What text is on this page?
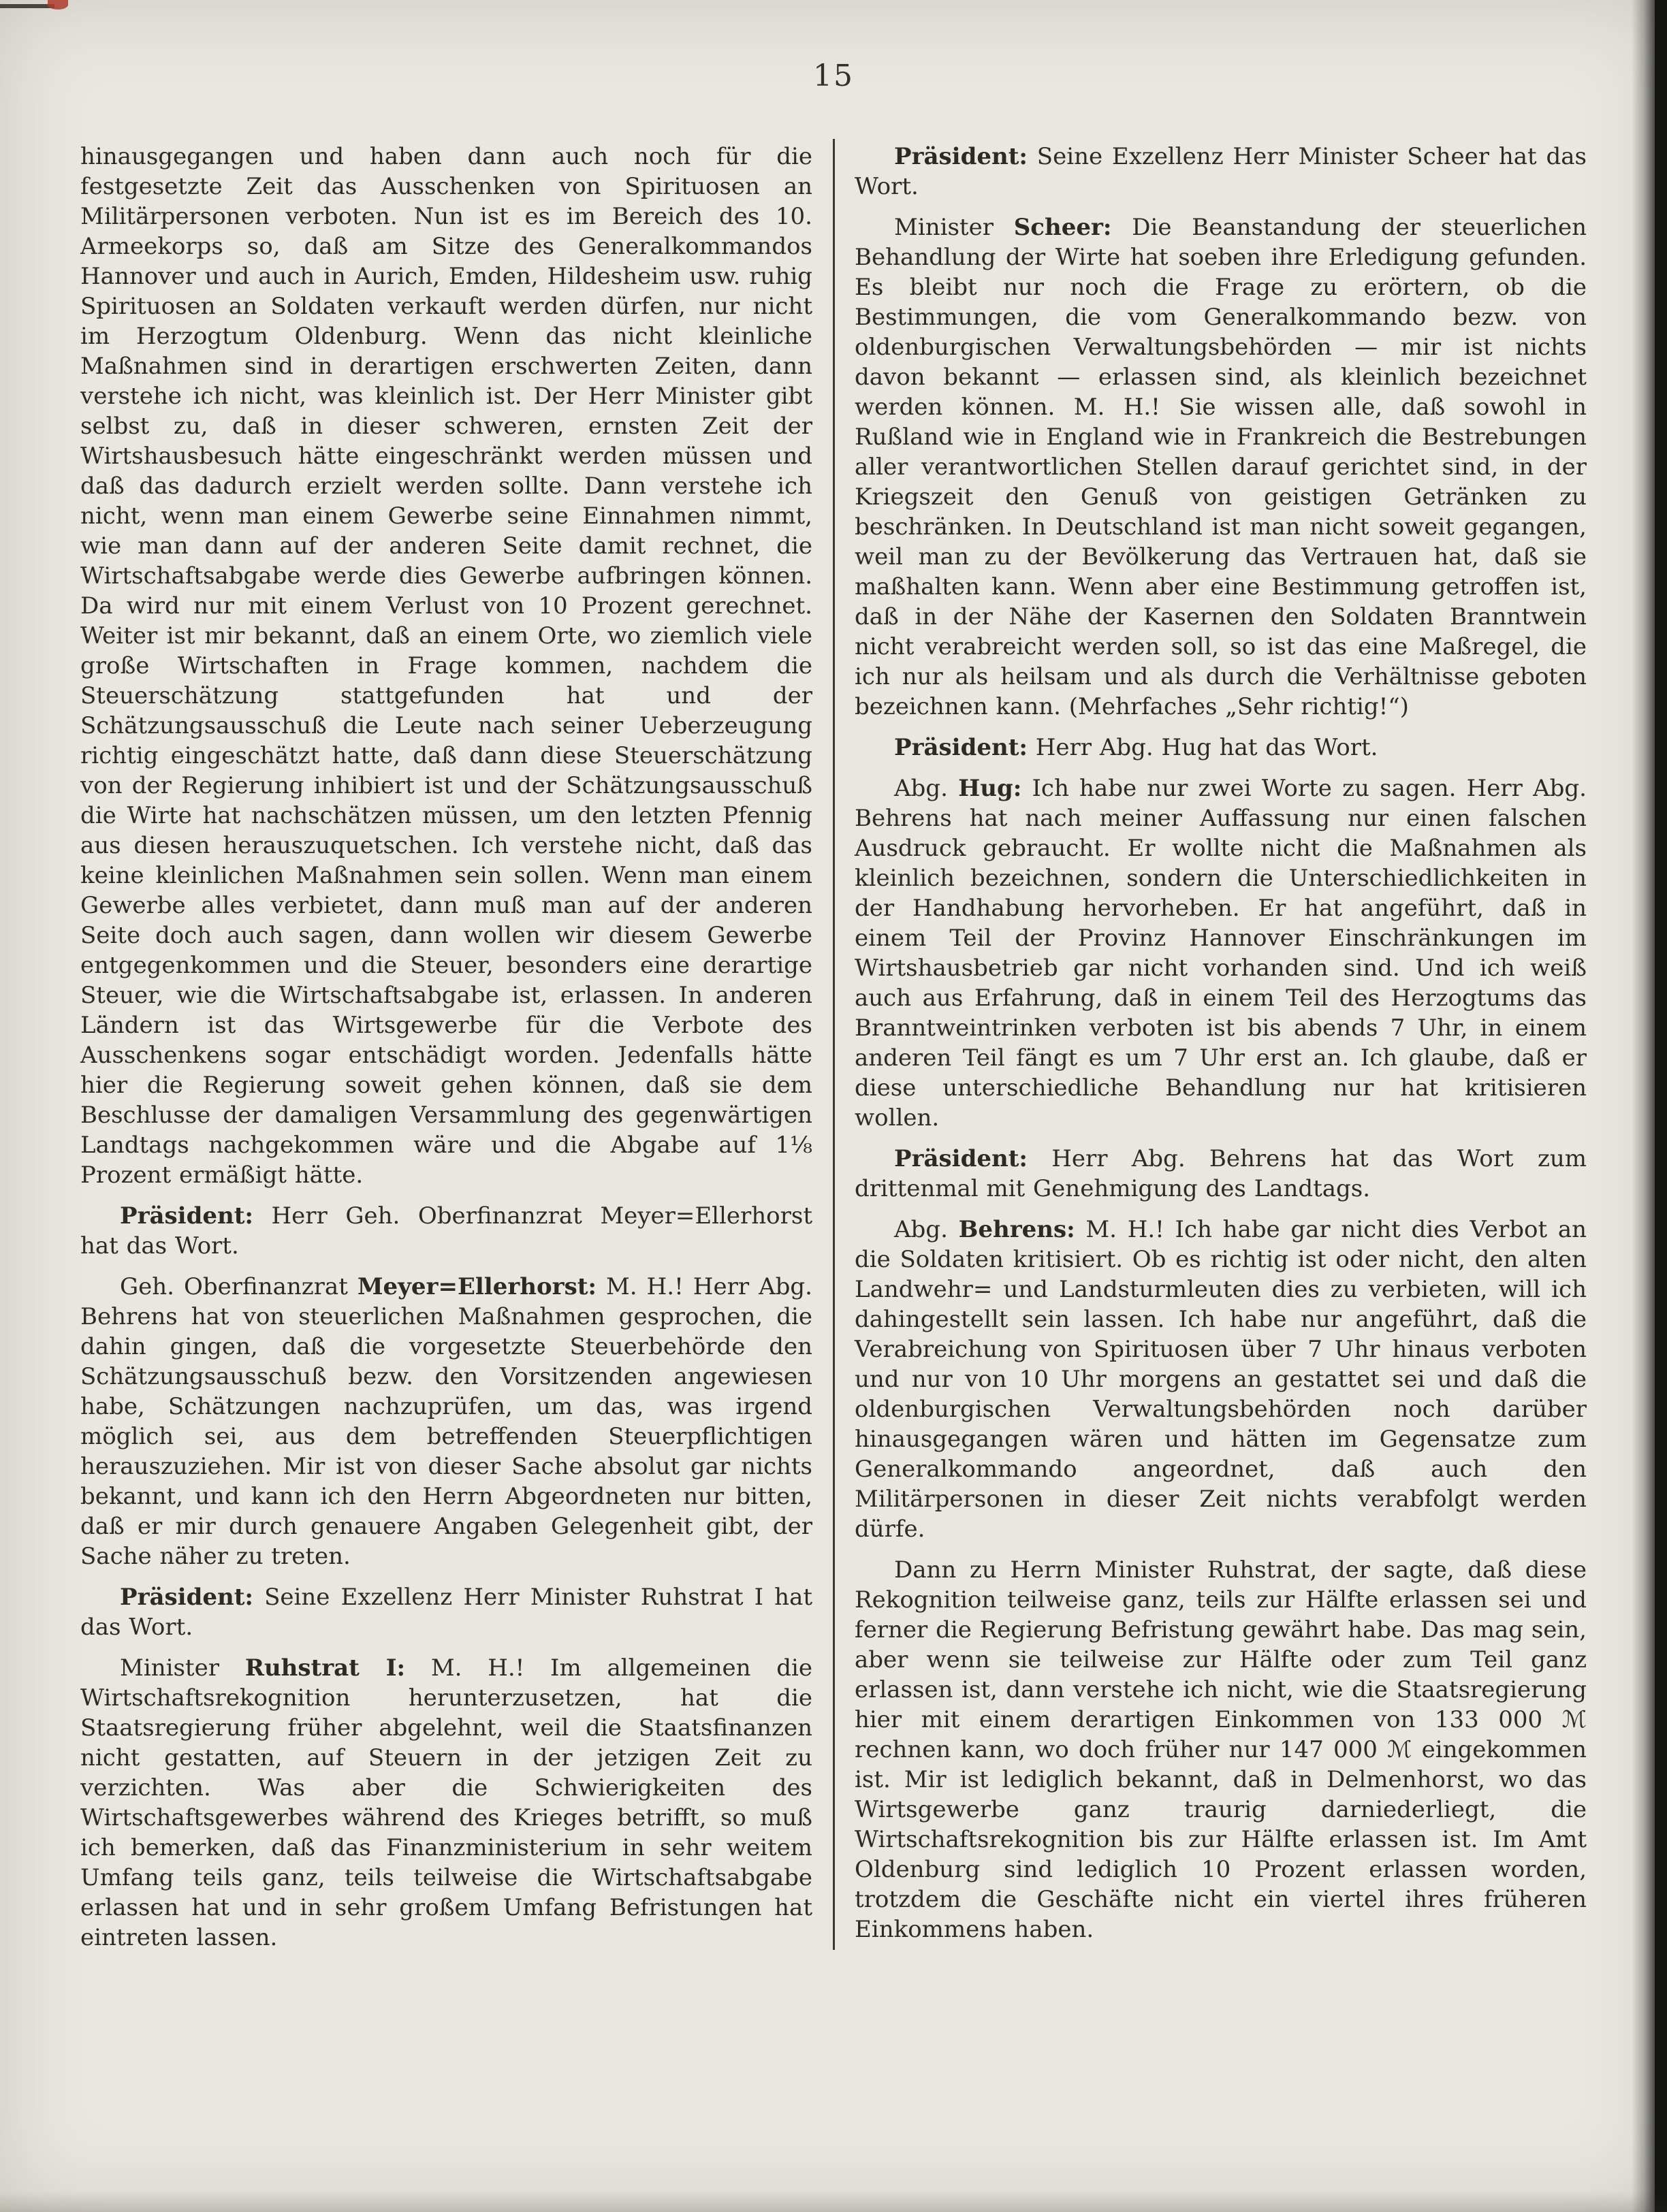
15

hinausgegangen und haben dann auch noch für die festgesetzte Zeit das Ausschenken von Spirituosen an Militärpersonen verboten. Nun ist es im Bereich des 10. Armeekorps so, daß am Sitze des Generalkommandos Hannover und auch in Aurich, Emden, Hildesheim usw. ruhig Spirituosen an Soldaten verkauft werden dürfen, nur nicht im Herzogtum Oldenburg. Wenn das nicht kleinliche Maßnahmen sind in derartigen erschwerten Zeiten, dann verstehe ich nicht, was kleinlich ist. Der Herr Minister gibt selbst zu, daß in dieser schweren, ernsten Zeit der Wirtshausbesuch hätte eingeschränkt werden müssen und daß das dadurch erzielt werden sollte. Dann verstehe ich nicht, wenn man einem Gewerbe seine Einnahmen nimmt, wie man dann auf der anderen Seite damit rechnet, die Wirtschaftsabgabe werde dies Gewerbe aufbringen können. Da wird nur mit einem Verlust von 10 Prozent gerechnet. Weiter ist mir bekannt, daß an einem Orte, wo ziemlich viele große Wirtschaften in Frage kommen, nachdem die Steuerschätzung stattgefunden hat und der Schätzungsausschuß die Leute nach seiner Ueberzeugung richtig eingeschätzt hatte, daß dann diese Steuerschätzung von der Regierung inhibiert ist und der Schätzungsausschuß die Wirte hat nachschätzen müssen, um den letzten Pfennig aus diesen herauszuquetschen. Ich verstehe nicht, daß das keine kleinlichen Maßnahmen sein sollen. Wenn man einem Gewerbe alles verbietet, dann muß man auf der anderen Seite doch auch sagen, dann wollen wir diesem Gewerbe entgegenkommen und die Steuer, besonders eine derartige Steuer, wie die Wirtschaftsabgabe ist, erlassen. In anderen Ländern ist das Wirtsgewerbe für die Verbote des Ausschenkens sogar entschädigt worden. Jedenfalls hätte hier die Regierung soweit gehen können, daß sie dem Beschlusse der damaligen Versammlung des gegenwärtigen Landtags nachgekommen wäre und die Abgabe auf 1⅛ Prozent ermäßigt hätte.

Präsident: Herr Geh. Oberfinanzrat Meyer=Ellerhorst hat das Wort.

Geh. Oberfinanzrat Meyer=Ellerhorst: M. H.! Herr Abg. Behrens hat von steuerlichen Maßnahmen gesprochen, die dahin gingen, daß die vorgesetzte Steuerbehörde den Schätzungsausschuß bezw. den Vorsitzenden angewiesen habe, Schätzungen nachzuprüfen, um das, was irgend möglich sei, aus dem betreffenden Steuerpflichtigen herauszuziehen. Mir ist von dieser Sache absolut gar nichts bekannt, und kann ich den Herrn Abgeordneten nur bitten, daß er mir durch genauere Angaben Gelegenheit gibt, der Sache näher zu treten.

Präsident: Seine Exzellenz Herr Minister Ruhstrat I hat das Wort.

Minister Ruhstrat I: M. H.! Im allgemeinen die Wirtschaftsrekognition herunterzusetzen, hat die Staatsregierung früher abgelehnt, weil die Staatsfinanzen nicht gestatten, auf Steuern in der jetzigen Zeit zu verzichten. Was aber die Schwierigkeiten des Wirtschaftsgewerbes während des Krieges betrifft, so muß ich bemerken, daß das Finanzministerium in sehr weitem Umfang teils ganz, teils teilweise die Wirtschaftsabgabe erlassen hat und in sehr großem Umfang Befristungen hat eintreten lassen.

Präsident: Seine Exzellenz Herr Minister Scheer hat das Wort.

Minister Scheer: Die Beanstandung der steuerlichen Behandlung der Wirte hat soeben ihre Erledigung gefunden. Es bleibt nur noch die Frage zu erörtern, ob die Bestimmungen, die vom Generalkommando bezw. von oldenburgischen Verwaltungsbehörden — mir ist nichts davon bekannt — erlassen sind, als kleinlich bezeichnet werden können. M. H.! Sie wissen alle, daß sowohl in Rußland wie in England wie in Frankreich die Bestrebungen aller verantwortlichen Stellen darauf gerichtet sind, in der Kriegszeit den Genuß von geistigen Getränken zu beschränken. In Deutschland ist man nicht soweit gegangen, weil man zu der Bevölkerung das Vertrauen hat, daß sie maßhalten kann. Wenn aber eine Bestimmung getroffen ist, daß in der Nähe der Kasernen den Soldaten Branntwein nicht verabreicht werden soll, so ist das eine Maßregel, die ich nur als heilsam und als durch die Verhältnisse geboten bezeichnen kann. (Mehrfaches „Sehr richtig!“)

Präsident: Herr Abg. Hug hat das Wort.

Abg. Hug: Ich habe nur zwei Worte zu sagen. Herr Abg. Behrens hat nach meiner Auffassung nur einen falschen Ausdruck gebraucht. Er wollte nicht die Maßnahmen als kleinlich bezeichnen, sondern die Unterschiedlichkeiten in der Handhabung hervorheben. Er hat angeführt, daß in einem Teil der Provinz Hannover Einschränkungen im Wirtshausbetrieb gar nicht vorhanden sind. Und ich weiß auch aus Erfahrung, daß in einem Teil des Herzogtums das Branntweintrinken verboten ist bis abends 7 Uhr, in einem anderen Teil fängt es um 7 Uhr erst an. Ich glaube, daß er diese unterschiedliche Behandlung nur hat kritisieren wollen.

Präsident: Herr Abg. Behrens hat das Wort zum drittenmal mit Genehmigung des Landtags.

Abg. Behrens: M. H.! Ich habe gar nicht dies Verbot an die Soldaten kritisiert. Ob es richtig ist oder nicht, den alten Landwehr= und Landsturmleuten dies zu verbieten, will ich dahingestellt sein lassen. Ich habe nur angeführt, daß die Verabreichung von Spirituosen über 7 Uhr hinaus verboten und nur von 10 Uhr morgens an gestattet sei und daß die oldenburgischen Verwaltungsbehörden noch darüber hinausgegangen wären und hätten im Gegensatze zum Generalkommando angeordnet, daß auch den Militärpersonen in dieser Zeit nichts verabfolgt werden dürfe.

Dann zu Herrn Minister Ruhstrat, der sagte, daß diese Rekognition teilweise ganz, teils zur Hälfte erlassen sei und ferner die Regierung Befristung gewährt habe. Das mag sein, aber wenn sie teilweise zur Hälfte oder zum Teil ganz erlassen ist, dann verstehe ich nicht, wie die Staatsregierung hier mit einem derartigen Einkommen von 133 000 ℳ rechnen kann, wo doch früher nur 147 000 ℳ eingekommen ist. Mir ist lediglich bekannt, daß in Delmenhorst, wo das Wirtsgewerbe ganz traurig darniederliegt, die Wirtschaftsrekognition bis zur Hälfte erlassen ist. Im Amt Oldenburg sind lediglich 10 Prozent erlassen worden, trotzdem die Geschäfte nicht ein viertel ihres früheren Einkommens haben.
